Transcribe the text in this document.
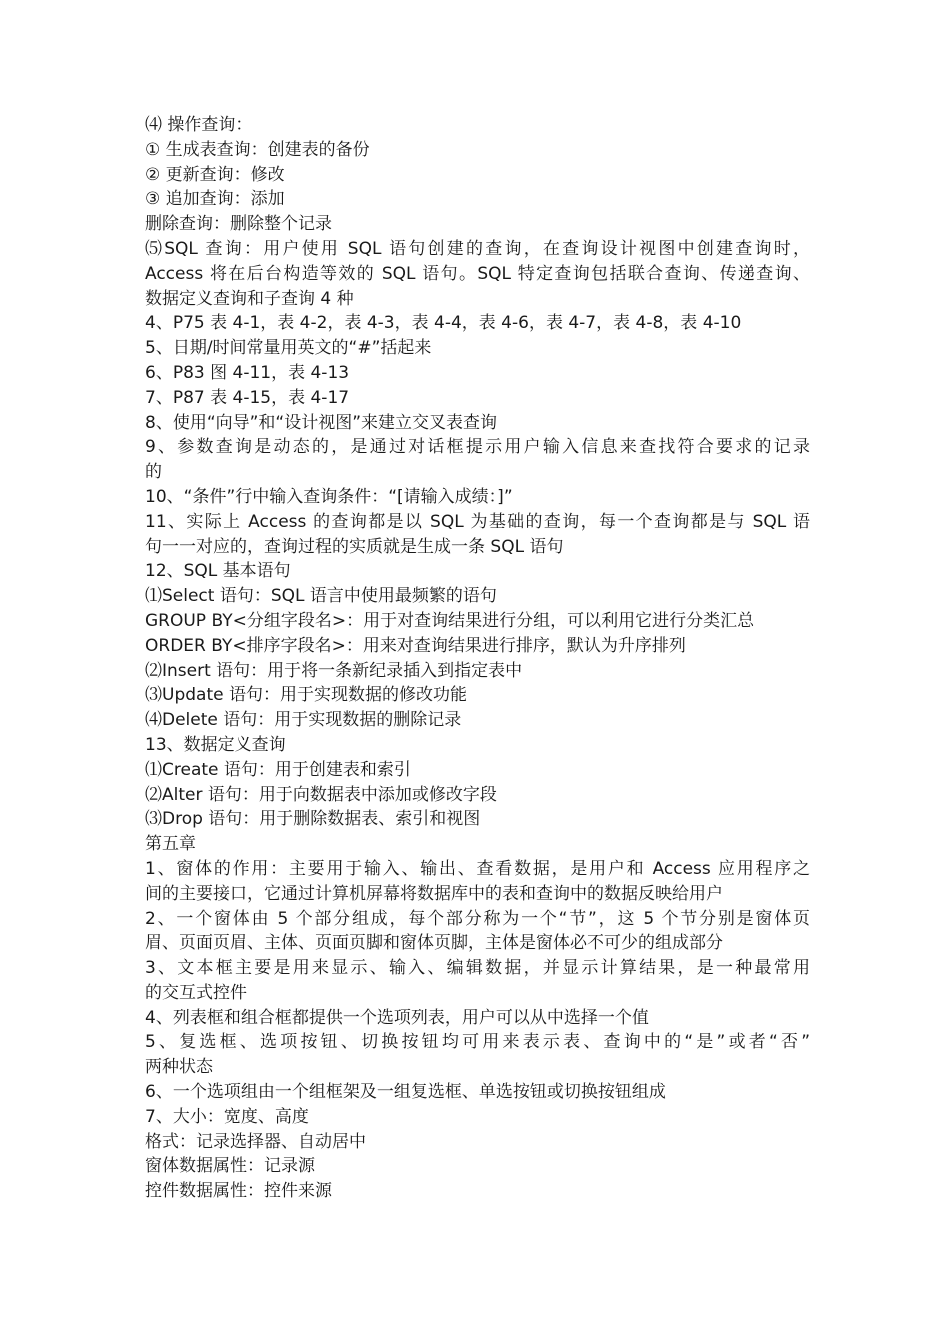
⑷ 操作查询：
① 生成表查询：创建表的备份
② 更新查询：修改
③ 追加查询：添加
删除查询：删除整个记录
⑸SQL 查询：用户使用 SQL 语句创建的查询，在查询设计视图中创建查询时，
Access 将在后台构造等效的 SQL 语句。SQL 特定查询包括联合查询、传递查询、
数据定义查询和子查询 4 种
4、P75 表 4-1，表 4-2，表 4-3，表 4-4，表 4-6，表 4-7，表 4-8，表 4-10
5、日期/时间常量用英文的“#”括起来
6、P83 图 4-11，表 4-13
7、P87 表 4-15，表 4-17
8、使用“向导”和“设计视图”来建立交叉表查询
9、参数查询是动态的，是通过对话框提示用户输入信息来查找符合要求的记录
的
10、“条件”行中输入查询条件：“[请输入成绩：]”
11、实际上 Access 的查询都是以 SQL 为基础的查询，每一个查询都是与 SQL 语
句一一对应的，查询过程的实质就是生成一条 SQL 语句
12、SQL 基本语句
⑴Select 语句：SQL 语言中使用最频繁的语句
GROUP BY<分组字段名>：用于对查询结果进行分组，可以利用它进行分类汇总
ORDER BY<排序字段名>：用来对查询结果进行排序，默认为升序排列
⑵Insert 语句：用于将一条新纪录插入到指定表中
⑶Update 语句：用于实现数据的修改功能
⑷Delete 语句：用于实现数据的删除记录
13、数据定义查询
⑴Create 语句：用于创建表和索引
⑵Alter 语句：用于向数据表中添加或修改字段
⑶Drop 语句：用于删除数据表、索引和视图
第五章
1、窗体的作用：主要用于输入、输出、查看数据，是用户和 Access 应用程序之
间的主要接口，它通过计算机屏幕将数据库中的表和查询中的数据反映给用户
2、一个窗体由 5 个部分组成，每个部分称为一个“节”，这 5 个节分别是窗体页
眉、页面页眉、主体、页面页脚和窗体页脚，主体是窗体必不可少的组成部分
3、文本框主要是用来显示、输入、编辑数据，并显示计算结果，是一种最常用
的交互式控件
4、列表框和组合框都提供一个选项列表，用户可以从中选择一个值
5、复选框、选项按钮、切换按钮均可用来表示表、查询中的“是”或者“否”
两种状态
6、一个选项组由一个组框架及一组复选框、单选按钮或切换按钮组成
7、大小：宽度、高度
格式：记录选择器、自动居中
窗体数据属性：记录源
控件数据属性：控件来源
